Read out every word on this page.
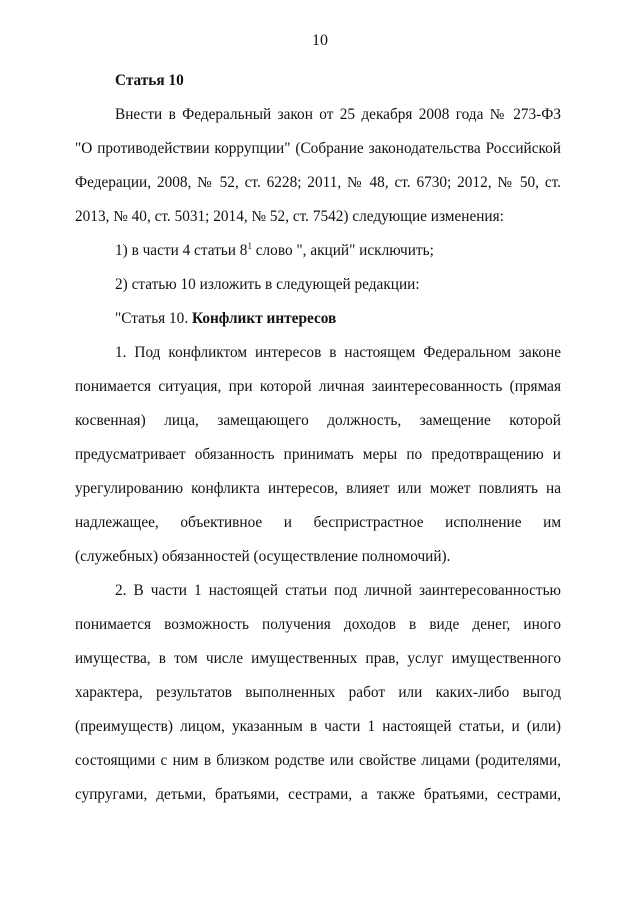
10
Статья 10
Внести в Федеральный закон от 25 декабря 2008 года № 273-ФЗ
"О противодействии коррупции" (Собрание законодательства Российской
Федерации, 2008, № 52, ст. 6228; 2011, № 48, ст. 6730; 2012, № 50, ст.
2013, № 40, ст. 5031; 2014, № 52, ст. 7542) следующие изменения:
1) в части 4 статьи $8^1$ слово ", акций" исключить;
2) статью 10 изложить в следующей редакции:
"Статья 10. Конфликт интересов
1. Под конфликтом интересов в настоящем Федеральном законе
понимается ситуация, при которой личная заинтересованность (прямая
косвенная) лица, замещающего должность, замещение которой
предусматривает обязанность принимать меры по предотвращению и
урегулированию конфликта интересов, влияет или может повлиять на
надлежащее, объективное и беспристрастное исполнение им
(служебных) обязанностей (осуществление полномочий).
2. В части 1 настоящей статьи под личной заинтересованностью
понимается возможность получения доходов в виде денег, иного
имущества, в том числе имущественных прав, услуг имущественного
характера, результатов выполненных работ или каких-либо выгод
(преимуществ) лицом, указанным в части 1 настоящей статьи, и (или)
состоящими с ним в близком родстве или свойстве лицами (родителями,
супругами, детьми, братьями, сестрами, а также братьями, сестрами,
